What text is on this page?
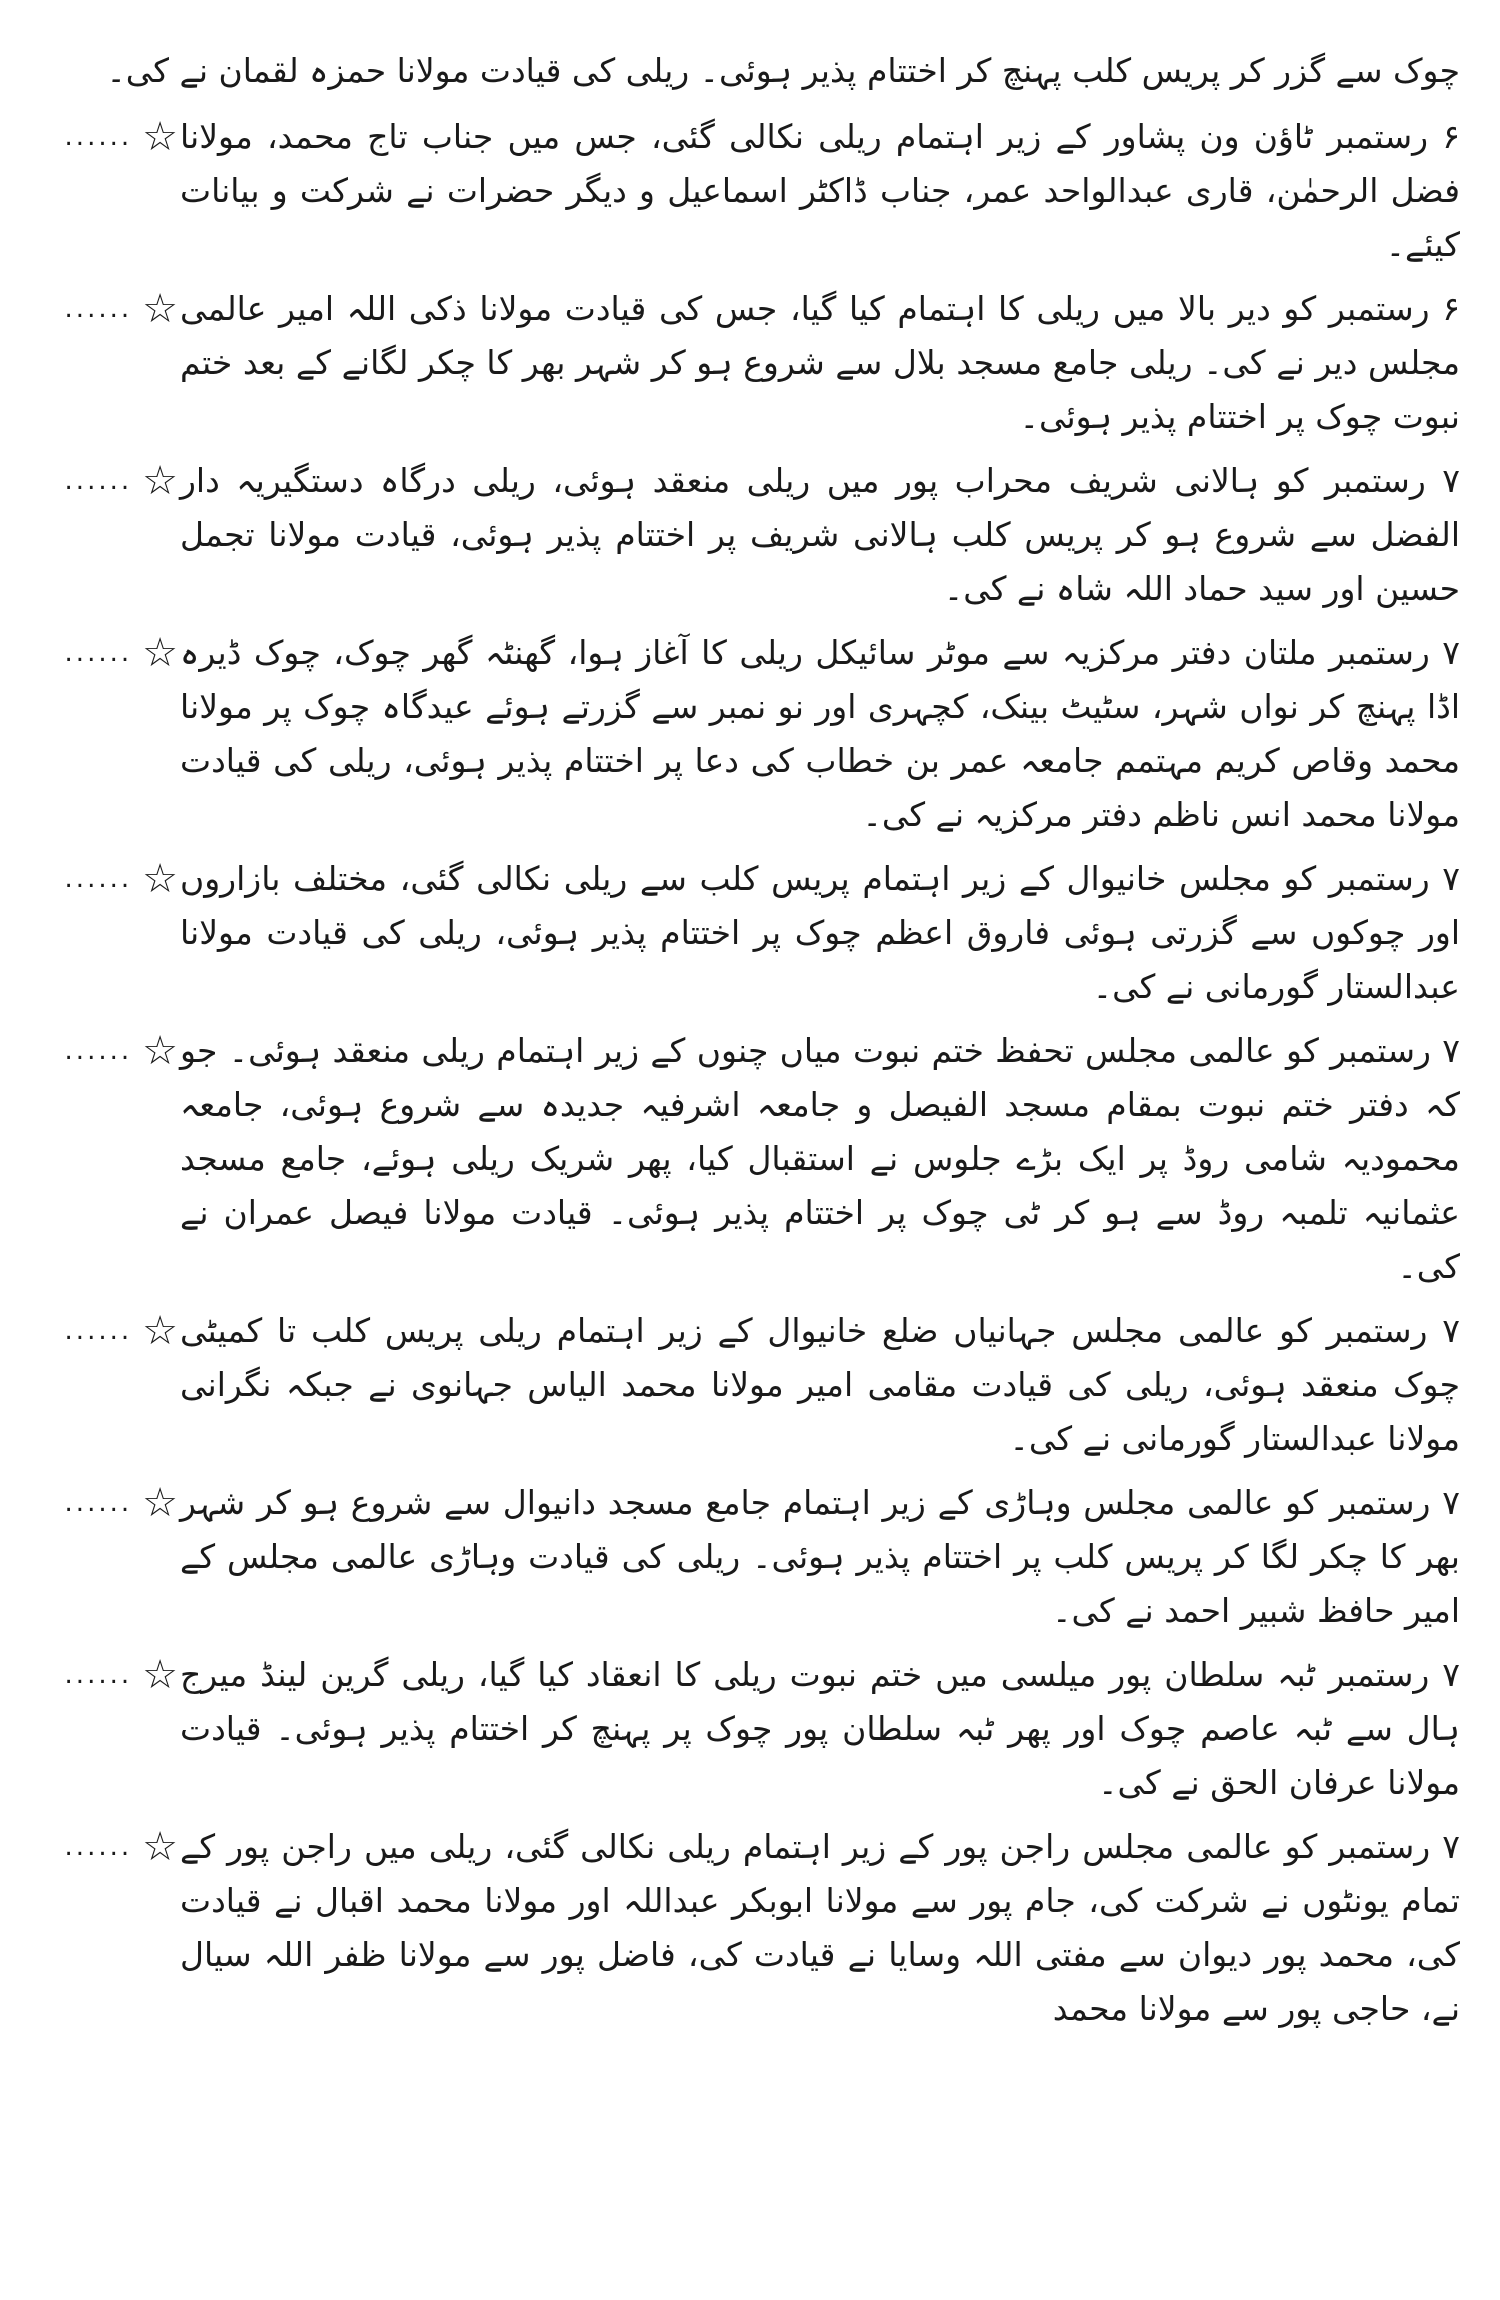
چوک سے گزر کر پریس کلب پہنچ کر اختتام پذیر ہوئی۔ ریلی کی قیادت مولانا حمزہ لقمان نے کی۔

۶ رستمبر ٹاؤن ون پشاور کے زیر اہتمام ریلی نکالی گئی، جس میں جناب تاج محمد، مولانا فضل الرحمٰن، قاری عبدالواحد عمر، جناب ڈاکٹر اسماعیل و دیگر حضرات نے شرکت و بیانات کیئے۔

...... ☆

۶ رستمبر کو دیر بالا میں ریلی کا اہتمام کیا گیا، جس کی قیادت مولانا ذکی اللہ امیر عالمی مجلس دیر نے کی۔ ریلی جامع مسجد بلال سے شروع ہو کر شہر بھر کا چکر لگانے کے بعد ختم نبوت چوک پر اختتام پذیر ہوئی۔

...... ☆

۷ رستمبر کو ہالانی شریف محراب پور میں ریلی منعقد ہوئی، ریلی درگاہ دستگیریہ دار الفضل سے شروع ہو کر پریس کلب ہالانی شریف پر اختتام پذیر ہوئی، قیادت مولانا تجمل حسین اور سید حماد اللہ شاہ نے کی۔

...... ☆

۷ رستمبر ملتان دفتر مرکزیہ سے موٹر سائیکل ریلی کا آغاز ہوا، گھنٹہ گھر چوک، چوک ڈیرہ اڈا پہنچ کر نواں شہر، سٹیٹ بینک، کچہری اور نو نمبر سے گزرتے ہوئے عیدگاہ چوک پر مولانا محمد وقاص کریم مہتمم جامعہ عمر بن خطاب کی دعا پر اختتام پذیر ہوئی، ریلی کی قیادت مولانا محمد انس ناظم دفتر مرکزیہ نے کی۔

...... ☆

۷ رستمبر کو مجلس خانیوال کے زیر اہتمام پریس کلب سے ریلی نکالی گئی، مختلف بازاروں اور چوکوں سے گزرتی ہوئی فاروق اعظم چوک پر اختتام پذیر ہوئی، ریلی کی قیادت مولانا عبدالستار گورمانی نے کی۔

...... ☆

۷ رستمبر کو عالمی مجلس تحفظ ختم نبوت میاں چنوں کے زیر اہتمام ریلی منعقد ہوئی۔ جو کہ دفتر ختم نبوت بمقام مسجد الفیصل و جامعہ اشرفیہ جدیدہ سے شروع ہوئی، جامعہ محمودیہ شامی روڈ پر ایک بڑے جلوس نے استقبال کیا، پھر شریک ریلی ہوئے، جامع مسجد عثمانیہ تلمبہ روڈ سے ہو کر ٹی چوک پر اختتام پذیر ہوئی۔ قیادت مولانا فیصل عمران نے کی۔

...... ☆

۷ رستمبر کو عالمی مجلس جہانیاں ضلع خانیوال کے زیر اہتمام ریلی پریس کلب تا کمیٹی چوک منعقد ہوئی، ریلی کی قیادت مقامی امیر مولانا محمد الیاس جہانوی نے جبکہ نگرانی مولانا عبدالستار گورمانی نے کی۔

...... ☆

۷ رستمبر کو عالمی مجلس وہاڑی کے زیر اہتمام جامع مسجد دانیوال سے شروع ہو کر شہر بھر کا چکر لگا کر پریس کلب پر اختتام پذیر ہوئی۔ ریلی کی قیادت وہاڑی عالمی مجلس کے امیر حافظ شبیر احمد نے کی۔

...... ☆

۷ رستمبر ٹبہ سلطان پور میلسی میں ختم نبوت ریلی کا انعقاد کیا گیا، ریلی گرین لینڈ میرج ہال سے ٹبہ عاصم چوک اور پھر ٹبہ سلطان پور چوک پر پہنچ کر اختتام پذیر ہوئی۔ قیادت مولانا عرفان الحق نے کی۔

...... ☆

۷ رستمبر کو عالمی مجلس راجن پور کے زیر اہتمام ریلی نکالی گئی، ریلی میں راجن پور کے تمام یونٹوں نے شرکت کی، جام پور سے مولانا ابوبکر عبداللہ اور مولانا محمد اقبال نے قیادت کی، محمد پور دیوان سے مفتی اللہ وسایا نے قیادت کی، فاضل پور سے مولانا ظفر اللہ سیال نے، حاجی پور سے مولانا محمد

...... ☆
